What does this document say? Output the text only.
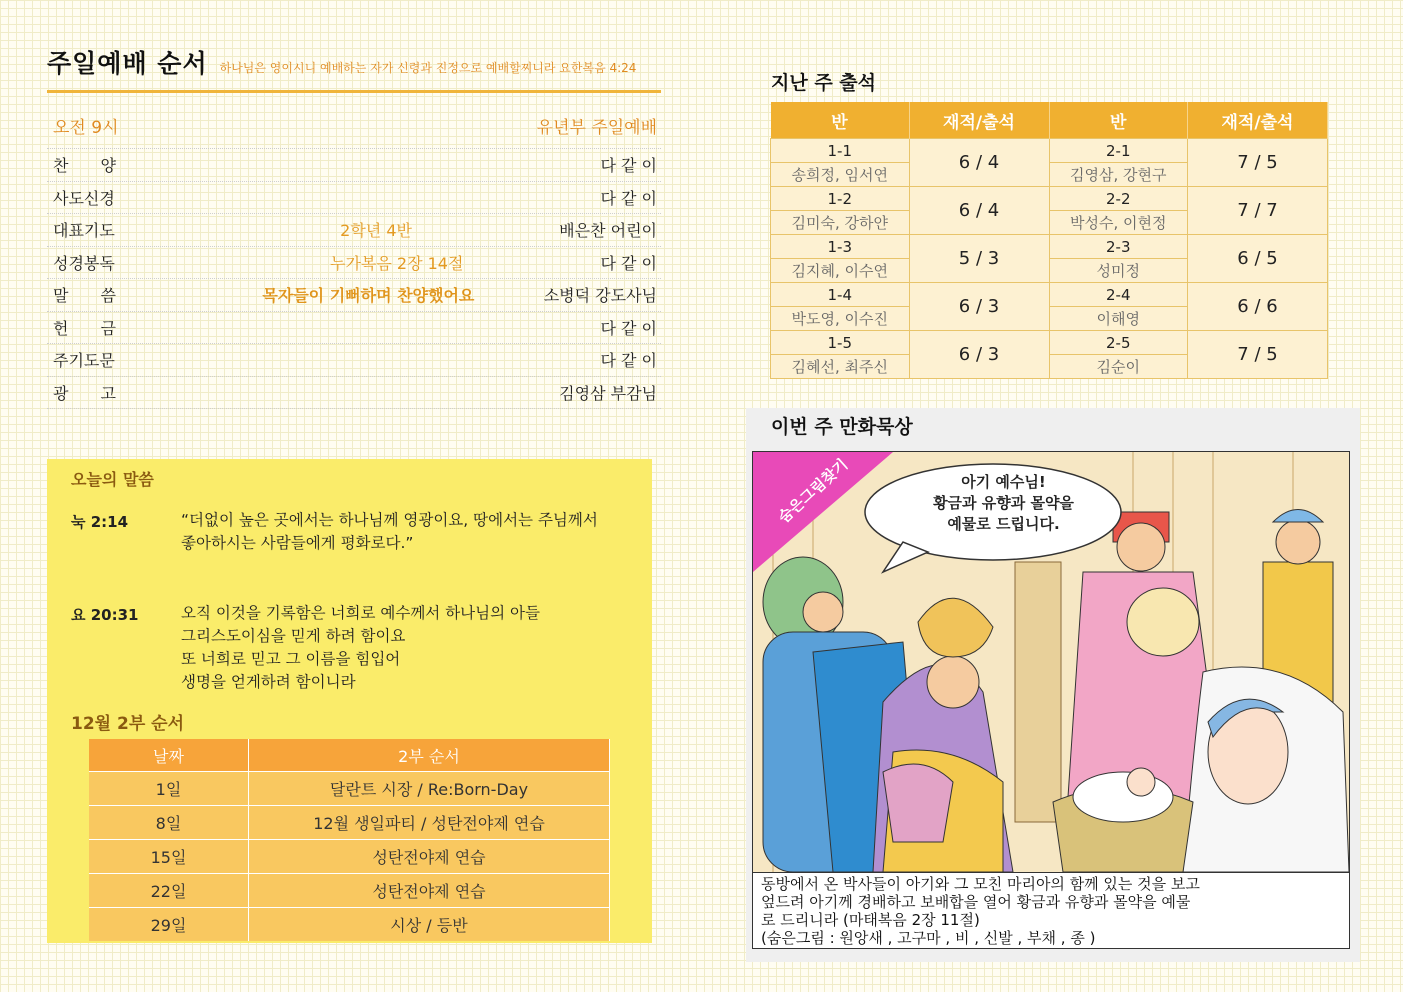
주일예배 순서 하나님은 영이시니 예배하는 자가 신령과 진정으로 예배할찌니라 요한복음 4:24
오전 9시	유년부 주일예배
찬　　양	다 같 이
사도신경	다 같 이
대표기도	2학년 4반	배은찬 어린이
성경봉독	누가복음 2장 14절	다 같 이
말　　씀	목자들이 기뻐하며 찬양했어요	소병덕 강도사님
헌　　금	다 같 이
주기도문	다 같 이
광　　고	김영삼 부감님
오늘의 말씀
눅 2:14	“더없이 높은 곳에서는 하나님께 영광이요, 땅에서는 주님께서
좋아하시는 사람들에게 평화로다.”
요 20:31	오직 이것을 기록함은 너희로 예수께서 하나님의 아들
그리스도이심을 믿게 하려 함이요
또 너희로 믿고 그 이름을 힘입어
생명을 얻게하려 함이니라
12월 2부 순서
날짜	2부 순서
1일	달란트 시장 / Re:Born-Day
8일	12월 생일파티 / 성탄전야제 연습
15일	성탄전야제 연습
22일	성탄전야제 연습
29일	시상 / 등반
지난 주 출석
반	재적/출석	반	재적/출석
1-1	6 / 4	2-1	7 / 5
송희정, 임서연		김영삼, 강현구	
1-2	6 / 4	2-2	7 / 7
김미숙, 강하얀		박성수, 이현정	
1-3	5 / 3	2-3	6 / 5
김지혜, 이수연		성미정	
1-4	6 / 3	2-4	6 / 6
박도영, 이수진		이해영	
1-5	6 / 3	2-5	7 / 5
김혜선, 최주신		김순이	
이번 주 만화묵상
숨은그림찾기	아기 예수님!
황금과 유향과 몰약을
예물로 드립니다.
동방에서 온 박사들이 아기와 그 모친 마리아의 함께 있는 것을 보고
엎드려 아기께 경배하고 보배합을 열어 황금과 유향과 몰약을 예물
로 드리니라 (마태복음 2장 11절)
(숨은그림 : 원앙새 , 고구마 , 비 , 신발 , 부채 , 종 )
